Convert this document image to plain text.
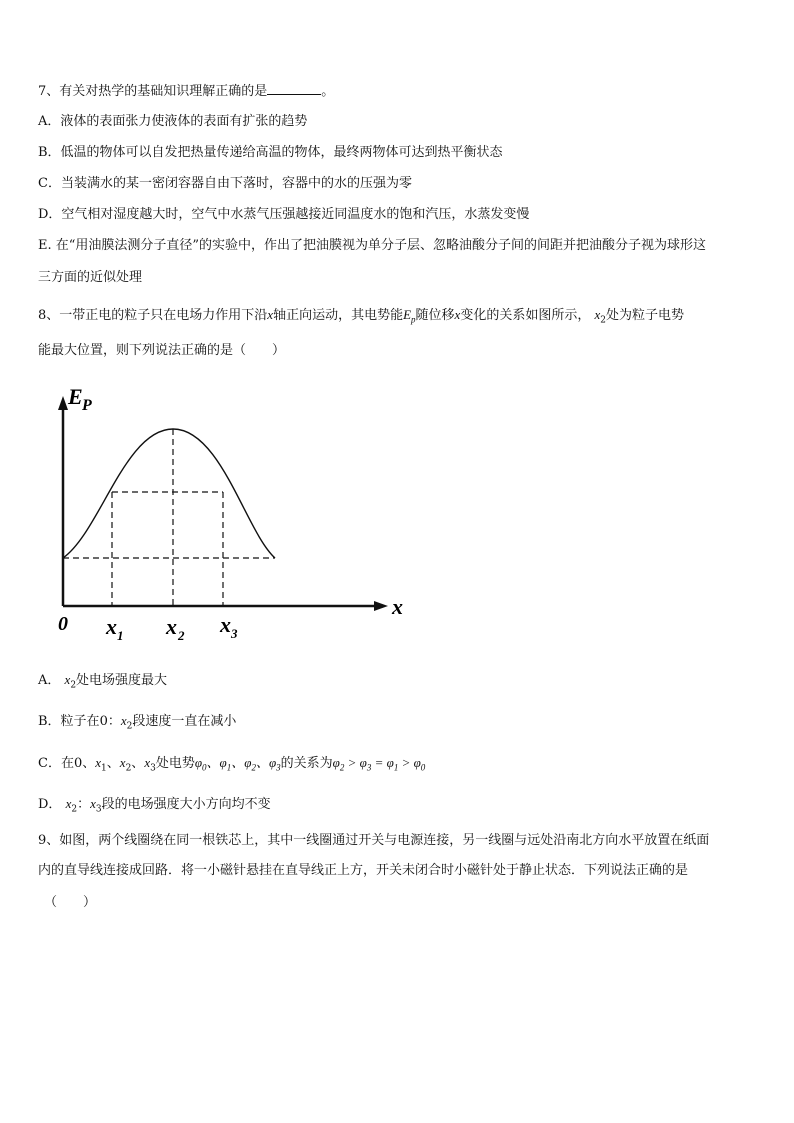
7、有关对热学的基础知识理解正确的是	。
A．液体的表面张力使液体的表面有扩张的趋势
B．低温的物体可以自发把热量传递给高温的物体，最终两物体可达到热平衡状态
C．当装满水的某一密闭容器自由下落时，容器中的水的压强为零
D．空气相对湿度越大时，空气中水蒸气压强越接近同温度水的饱和汽压，水蒸发变慢
E. 在“用油膜法测分子直径”的实验中，作出了把油膜视为单分子层、忽略油酸分子间的间距并把油酸分子视为球形这
三方面的近似处理
8、一带正电的粒子只在电场力作用下沿x轴正向运动，其电势能$E_p$随位移x变化的关系如图所示， $x_2$处为粒子电势
能最大位置，则下列说法正确的是（　　）
E P
x
0 x 1 x 2 x 3
A． $x_2$处电场强度最大
B．粒子在0：$x_2$段速度一直在减小
C．在0、$x_1$、$x_2$、$x_3$处电势$\varphi_0$、$\varphi_1$、$\varphi_2$、$\varphi_3$的关系为$\varphi_2 > \varphi_3 = \varphi_1 > \varphi_0$
D． $x_2$：$x_3$段的电场强度大小方向均不变
9、如图，两个线圈绕在同一根铁芯上，其中一线圈通过开关与电源连接，另一线圈与远处沿南北方向水平放置在纸面
内的直导线连接成回路．将一小磁针悬挂在直导线正上方，开关未闭合时小磁针处于静止状态．下列说法正确的是
（　　）
